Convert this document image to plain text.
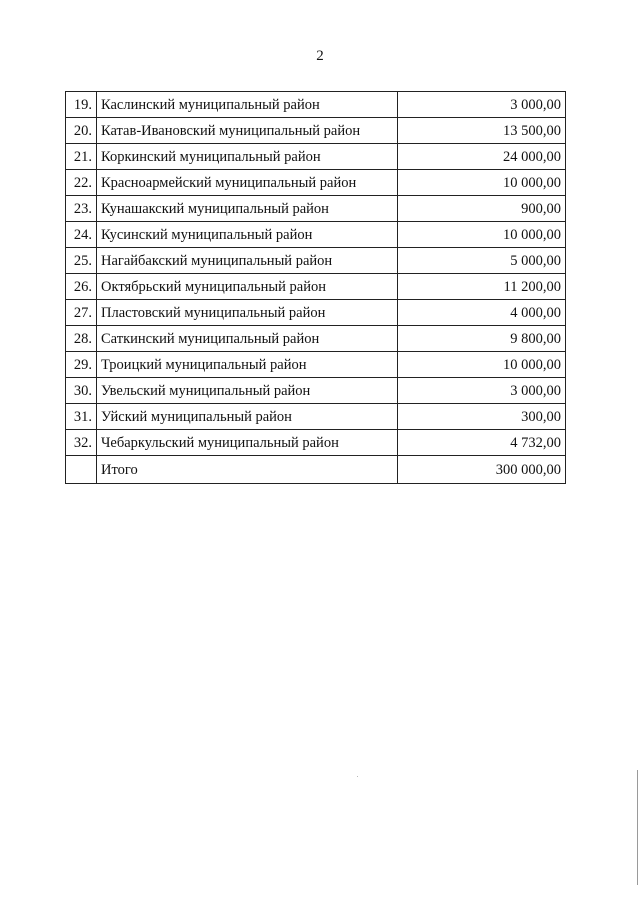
2
19.	Каслинский муниципальный район	3 000,00
20.	Катав-Ивановский муниципальный район	13 500,00
21.	Коркинский муниципальный район	24 000,00
22.	Красноармейский муниципальный район	10 000,00
23.	Кунашакский муниципальный район	900,00
24.	Кусинский муниципальный район	10 000,00
25.	Нагайбакский муниципальный район	5 000,00
26.	Октябрьский муниципальный район	11 200,00
27.	Пластовский муниципальный район	4 000,00
28.	Саткинский муниципальный район	9 800,00
29.	Троицкий муниципальный район	10 000,00
30.	Увельский муниципальный район	3 000,00
31.	Уйский муниципальный район	300,00
32.	Чебаркульский муниципальный район	4 732,00
	Итого	300 000,00
